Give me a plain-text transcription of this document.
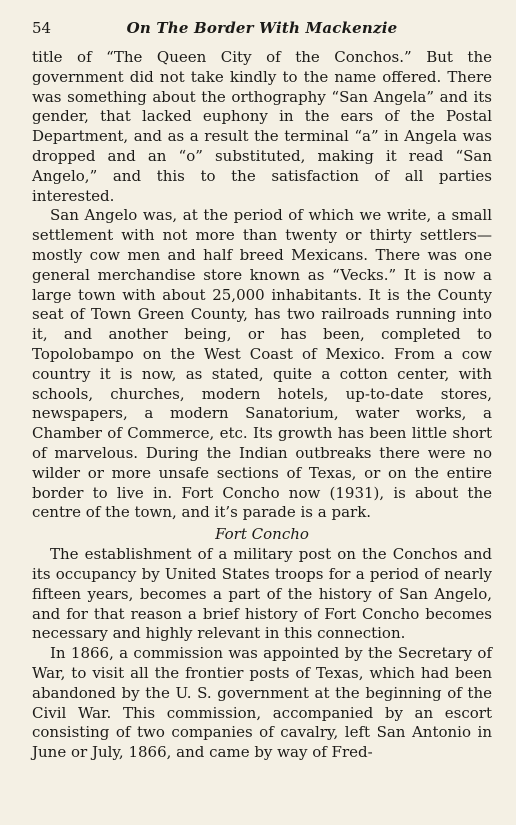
54	On The Border With Mackenzie

title of “The Queen City of the Conchos.” But the government did not take kindly to the name offered. There was something about the orthography “San Angela” and its gender, that lacked euphony in the ears of the Postal Department, and as a result the terminal “a” in Angela was dropped and an “o” substituted, making it read “San Angelo,” and this to the satisfaction of all parties interested.

San Angelo was, at the period of which we write, a small settlement with not more than twenty or thirty settlers—mostly cow men and half breed Mexicans. There was one general merchandise store known as “Vecks.” It is now a large town with about 25,000 inhabitants. It is the County seat of Town Green County, has two railroads running into it, and another being, or has been, completed to Topolobampo on the West Coast of Mexico. From a cow country it is now, as stated, quite a cotton center, with schools, churches, modern hotels, up-to-date stores, newspapers, a modern Sanatorium, water works, a Chamber of Commerce, etc. Its growth has been little short of marvelous. During the Indian outbreaks there were no wilder or more unsafe sections of Texas, or on the entire border to live in. Fort Concho now (1931), is about the centre of the town, and it’s parade is a park.

Fort Concho

The establishment of a military post on the Conchos and its occupancy by United States troops for a period of nearly fifteen years, becomes a part of the history of San Angelo, and for that reason a brief history of Fort Concho becomes necessary and highly relevant in this connection.

In 1866, a commission was appointed by the Secretary of War, to visit all the frontier posts of Texas, which had been abandoned by the U. S. government at the beginning of the Civil War. This commission, accompanied by an escort consisting of two companies of cavalry, left San Antonio in June or July, 1866, and came by way of Fred-
